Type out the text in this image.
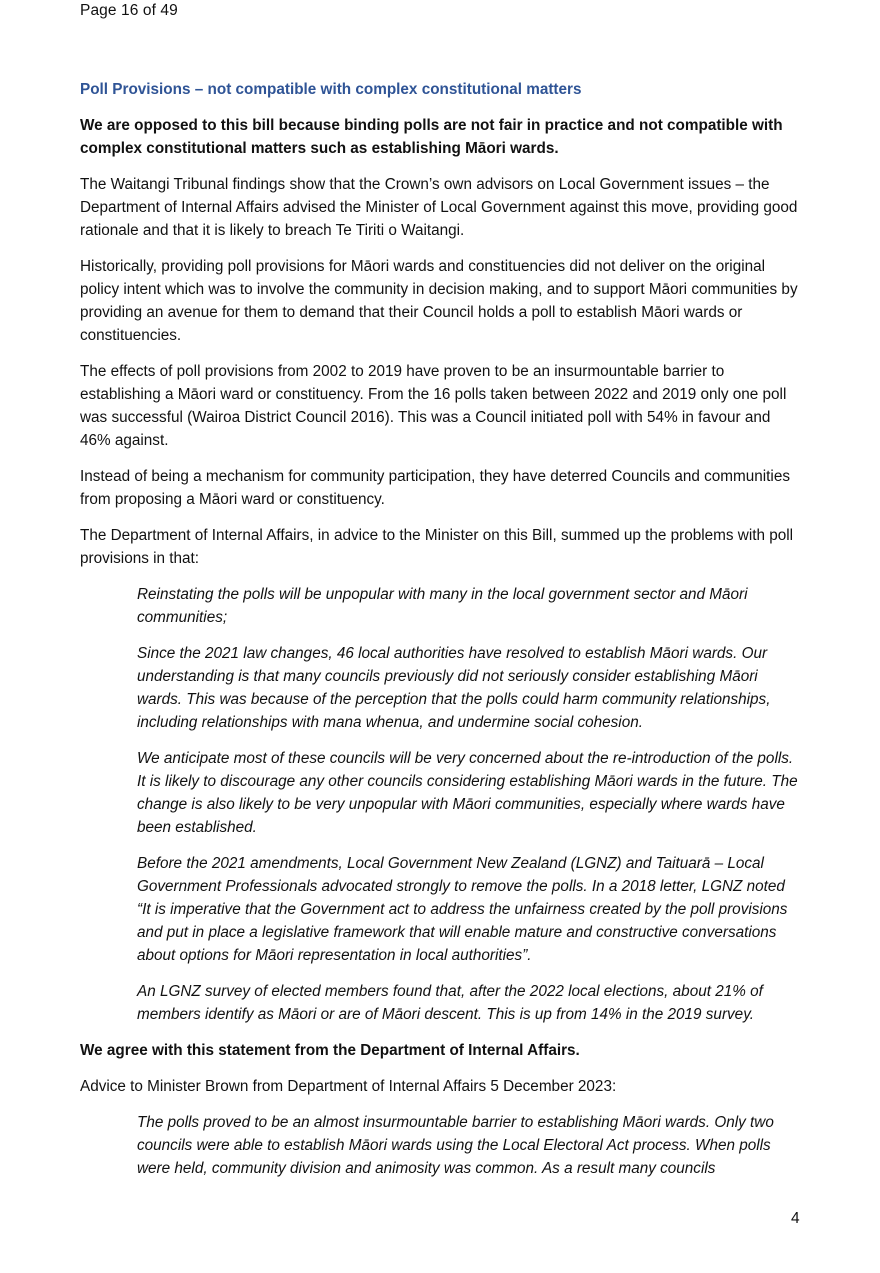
Page 16 of 49
Poll Provisions – not compatible with complex constitutional matters

We are opposed to this bill because binding polls are not fair in practice and not compatible with complex constitutional matters such as establishing Māori wards.

The Waitangi Tribunal findings show that the Crown’s own advisors on Local Government issues – the Department of Internal Affairs advised the Minister of Local Government against this move, providing good rationale and that it is likely to breach Te Tiriti o Waitangi.

Historically, providing poll provisions for Māori wards and constituencies did not deliver on the original policy intent which was to involve the community in decision making, and to support Māori communities by providing an avenue for them to demand that their Council holds a poll to establish Māori wards or constituencies.

The effects of poll provisions from 2002 to 2019 have proven to be an insurmountable barrier to establishing a Māori ward or constituency. From the 16 polls taken between 2022 and 2019 only one poll was successful (Wairoa District Council 2016). This was a Council initiated poll with 54% in favour and 46% against.

Instead of being a mechanism for community participation, they have deterred Councils and communities from proposing a Māori ward or constituency.

The Department of Internal Affairs, in advice to the Minister on this Bill, summed up the problems with poll provisions in that:

Reinstating the polls will be unpopular with many in the local government sector and Māori communities;

Since the 2021 law changes, 46 local authorities have resolved to establish Māori wards. Our understanding is that many councils previously did not seriously consider establishing Māori wards. This was because of the perception that the polls could harm community relationships, including relationships with mana whenua, and undermine social cohesion.

We anticipate most of these councils will be very concerned about the re-introduction of the polls. It is likely to discourage any other councils considering establishing Māori wards in the future. The change is also likely to be very unpopular with Māori communities, especially where wards have been established.

Before the 2021 amendments, Local Government New Zealand (LGNZ) and Taituarā – Local Government Professionals advocated strongly to remove the polls. In a 2018 letter, LGNZ noted “It is imperative that the Government act to address the unfairness created by the poll provisions and put in place a legislative framework that will enable mature and constructive conversations about options for Māori representation in local authorities”.

An LGNZ survey of elected members found that, after the 2022 local elections, about 21% of members identify as Māori or are of Māori descent. This is up from 14% in the 2019 survey.

We agree with this statement from the Department of Internal Affairs.

Advice to Minister Brown from Department of Internal Affairs 5 December 2023:

The polls proved to be an almost insurmountable barrier to establishing Māori wards. Only two councils were able to establish Māori wards using the Local Electoral Act process. When polls were held, community division and animosity was common. As a result many councils

4
